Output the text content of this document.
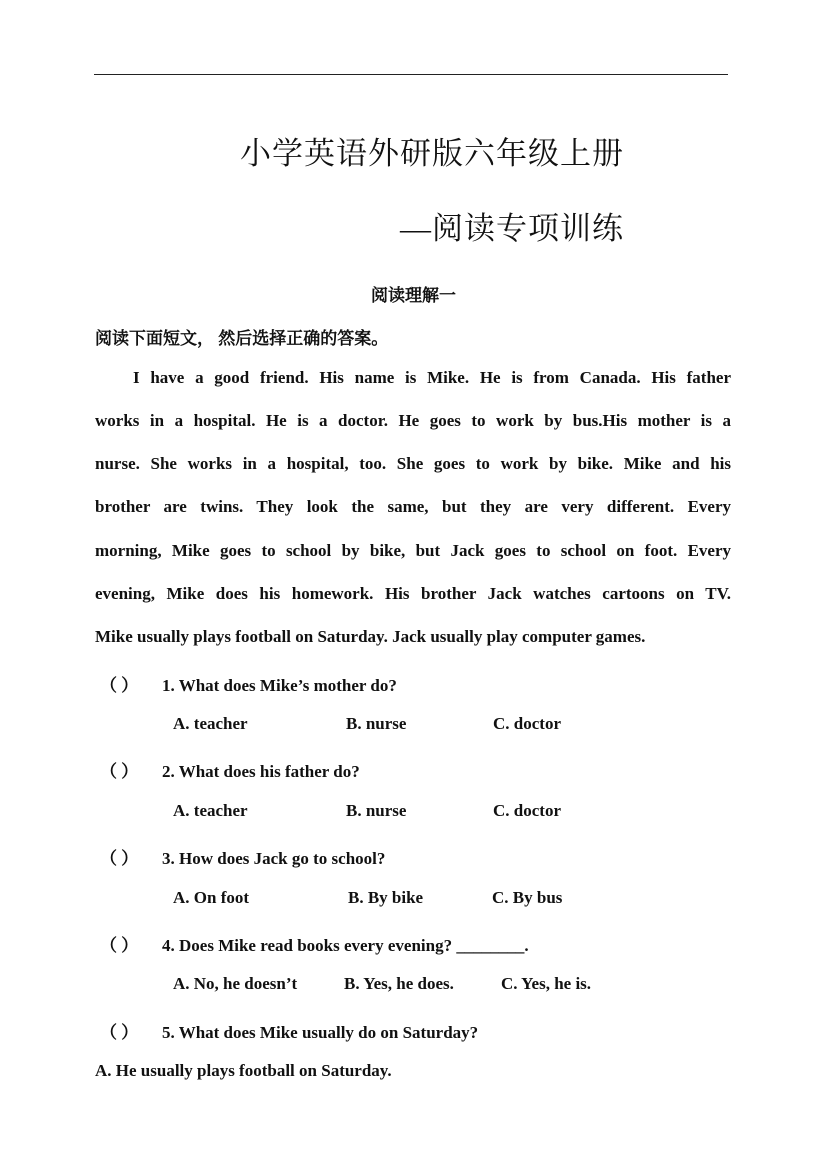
小学英语外研版六年级上册
—阅读专项训练
阅读理解一
阅读下面短文， 然后选择正确的答案。
I have a good friend. His name is Mike. He is from Canada. His father
works in a hospital. He is a doctor. He goes to work by bus.His mother is a
nurse. She works in a hospital, too. She goes to work by bike. Mike and his
brother are twins. They look the same, but they are very different. Every
morning, Mike goes to school by bike, but Jack goes to school on foot. Every
evening, Mike does his homework. His brother Jack watches cartoons on TV.
Mike usually plays football on Saturday. Jack usually play computer games.
（ ） 1. What does Mike’s mother do?
A. teacher	B. nurse	C. doctor
（ ） 2. What does his father do?
A. teacher	B. nurse	C. doctor
（ ） 3. How does Jack go to school?
A. On foot	B. By bike	C. By bus
（ ） 4. Does Mike read books every evening? ________.
A. No, he doesn’t	B. Yes, he does.	C. Yes, he is.
（ ） 5. What does Mike usually do on Saturday?
A. He usually plays football on Saturday.
